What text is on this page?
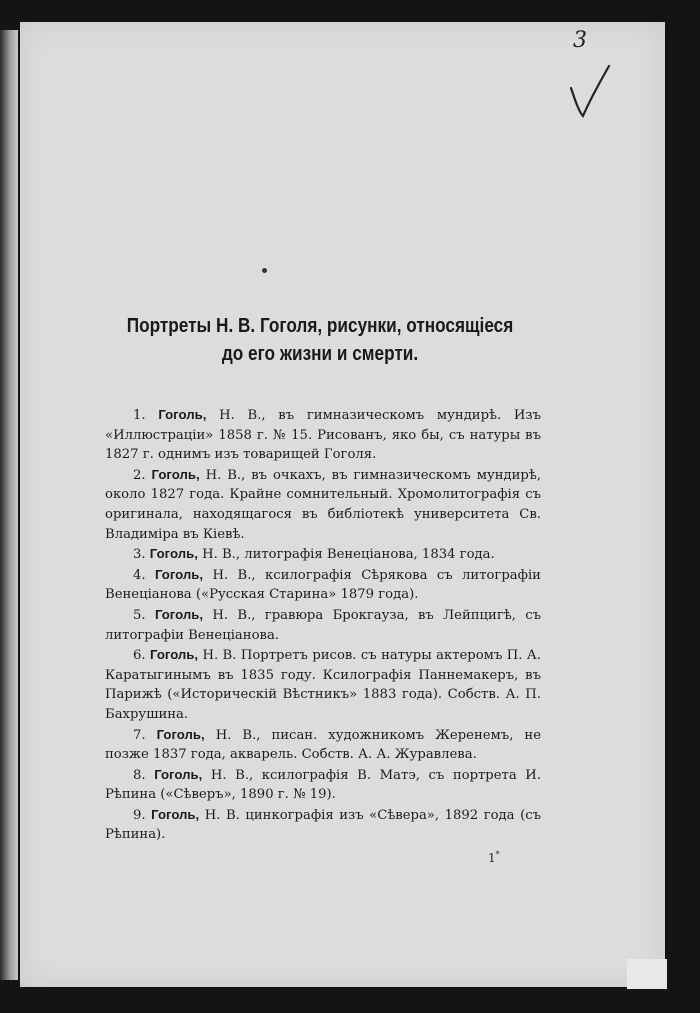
3
Портреты Н. В. Гоголя, рисунки, относящіеся до его жизни и смерти.

1. Гоголь, Н. В., въ гимназическомъ мундирѣ. Изъ «Иллюстраціи» 1858 г. № 15. Рисованъ, яко бы, съ натуры въ 1827 г. однимъ изъ товарищей Гоголя.

2. Гоголь, Н. В., въ очкахъ, въ гимназическомъ мундирѣ, около 1827 года. Крайне сомнительный. Хромолитографія съ оригинала, находящагося въ библіотекѣ университета Св. Владиміра въ Кіевѣ.

3. Гоголь, Н. В., литографія Венеціанова, 1834 года.

4. Гоголь, Н. В., ксилографія Сѣрякова съ литографіи Венеціанова («Русская Старина» 1879 года).

5. Гоголь, Н. В., гравюра Брокгауза, въ Лейпцигѣ, съ литографіи Венеціанова.

6. Гоголь, Н. В. Портретъ рисов. съ натуры актеромъ П. А. Каратыгинымъ въ 1835 году. Ксилографія Паннемакеръ, въ Парижѣ («Историческій Вѣстникъ» 1883 года). Собств. А. П. Бахрушина.

7. Гоголь, Н. В., писан. художникомъ Жеренемъ, не позже 1837 года, акварель. Собств. А. А. Журавлева.

8. Гоголь, Н. В., ксилографія В. Матэ, съ портрета И. Рѣпина («Сѣверъ», 1890 г. № 19).

9. Гоголь, Н. В. цинкографія изъ «Сѣвера», 1892 года (съ Рѣпина).

1*
